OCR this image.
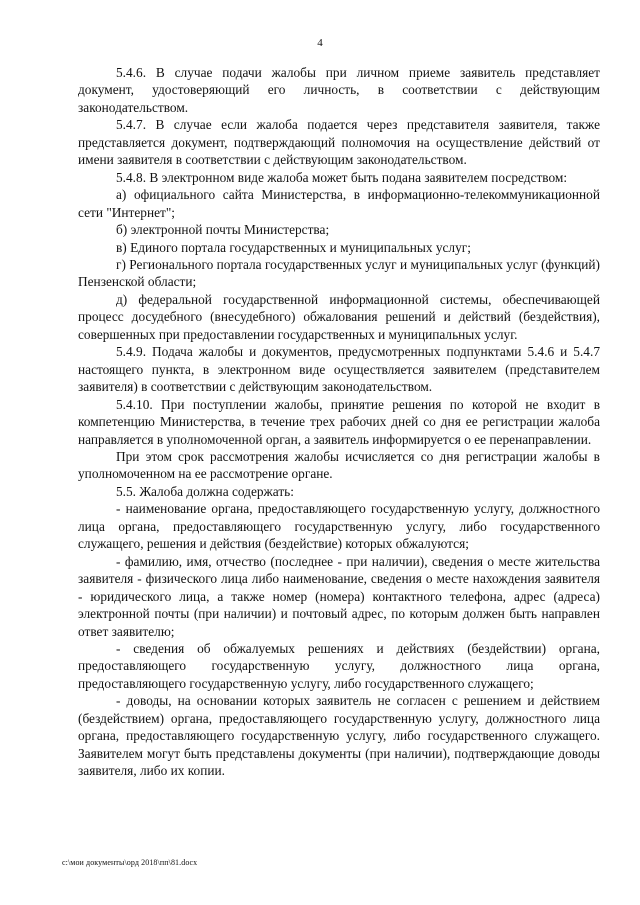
4

5.4.6. В случае подачи жалобы при личном приеме заявитель представляет документ, удостоверяющий его личность, в соответствии с действующим законодательством.

5.4.7. В случае если жалоба подается через представителя заявителя, также представляется документ, подтверждающий полномочия на осуществление действий от имени заявителя в соответствии с действующим законодательством.

5.4.8. В электронном виде жалоба может быть подана заявителем посредством:

а) официального сайта Министерства, в информационно-телекоммуникационной сети "Интернет";

б) электронной почты Министерства;

в) Единого портала государственных и муниципальных услуг;

г) Регионального портала государственных услуг и муниципальных услуг (функций) Пензенской области;

д) федеральной государственной информационной системы, обеспечивающей процесс досудебного (внесудебного) обжалования решений и действий (бездействия), совершенных при предоставлении государственных и муниципальных услуг.

5.4.9. Подача жалобы и документов, предусмотренных подпунктами 5.4.6 и 5.4.7 настоящего пункта, в электронном виде осуществляется заявителем (представителем заявителя) в соответствии с действующим законодательством.

5.4.10. При поступлении жалобы, принятие решения по которой не входит в компетенцию Министерства, в течение трех рабочих дней со дня ее регистрации жалоба направляется в уполномоченной орган, а заявитель информируется о ее перенаправлении.

При этом срок рассмотрения жалобы исчисляется со дня регистрации жалобы в уполномоченном на ее рассмотрение органе.

5.5. Жалоба должна содержать:

- наименование органа, предоставляющего государственную услугу, должностного лица органа, предоставляющего государственную услугу, либо государственного служащего, решения и действия (бездействие) которых обжалуются;

- фамилию, имя, отчество (последнее - при наличии), сведения о месте жительства заявителя - физического лица либо наименование, сведения о месте нахождения заявителя - юридического лица, а также номер (номера) контактного телефона, адрес (адреса) электронной почты (при наличии) и почтовый адрес, по которым должен быть направлен ответ заявителю;

- сведения об обжалуемых решениях и действиях (бездействии) органа, предоставляющего государственную услугу, должностного лица органа, предоставляющего государственную услугу, либо государственного служащего;

- доводы, на основании которых заявитель не согласен с решением и действием (бездействием) органа, предоставляющего государственную услугу, должностного лица органа, предоставляющего государственную услугу, либо государственного служащего. Заявителем могут быть представлены документы (при наличии), подтверждающие доводы заявителя, либо их копии.

c:\мои документы\орд 2018\пп\81.docx
